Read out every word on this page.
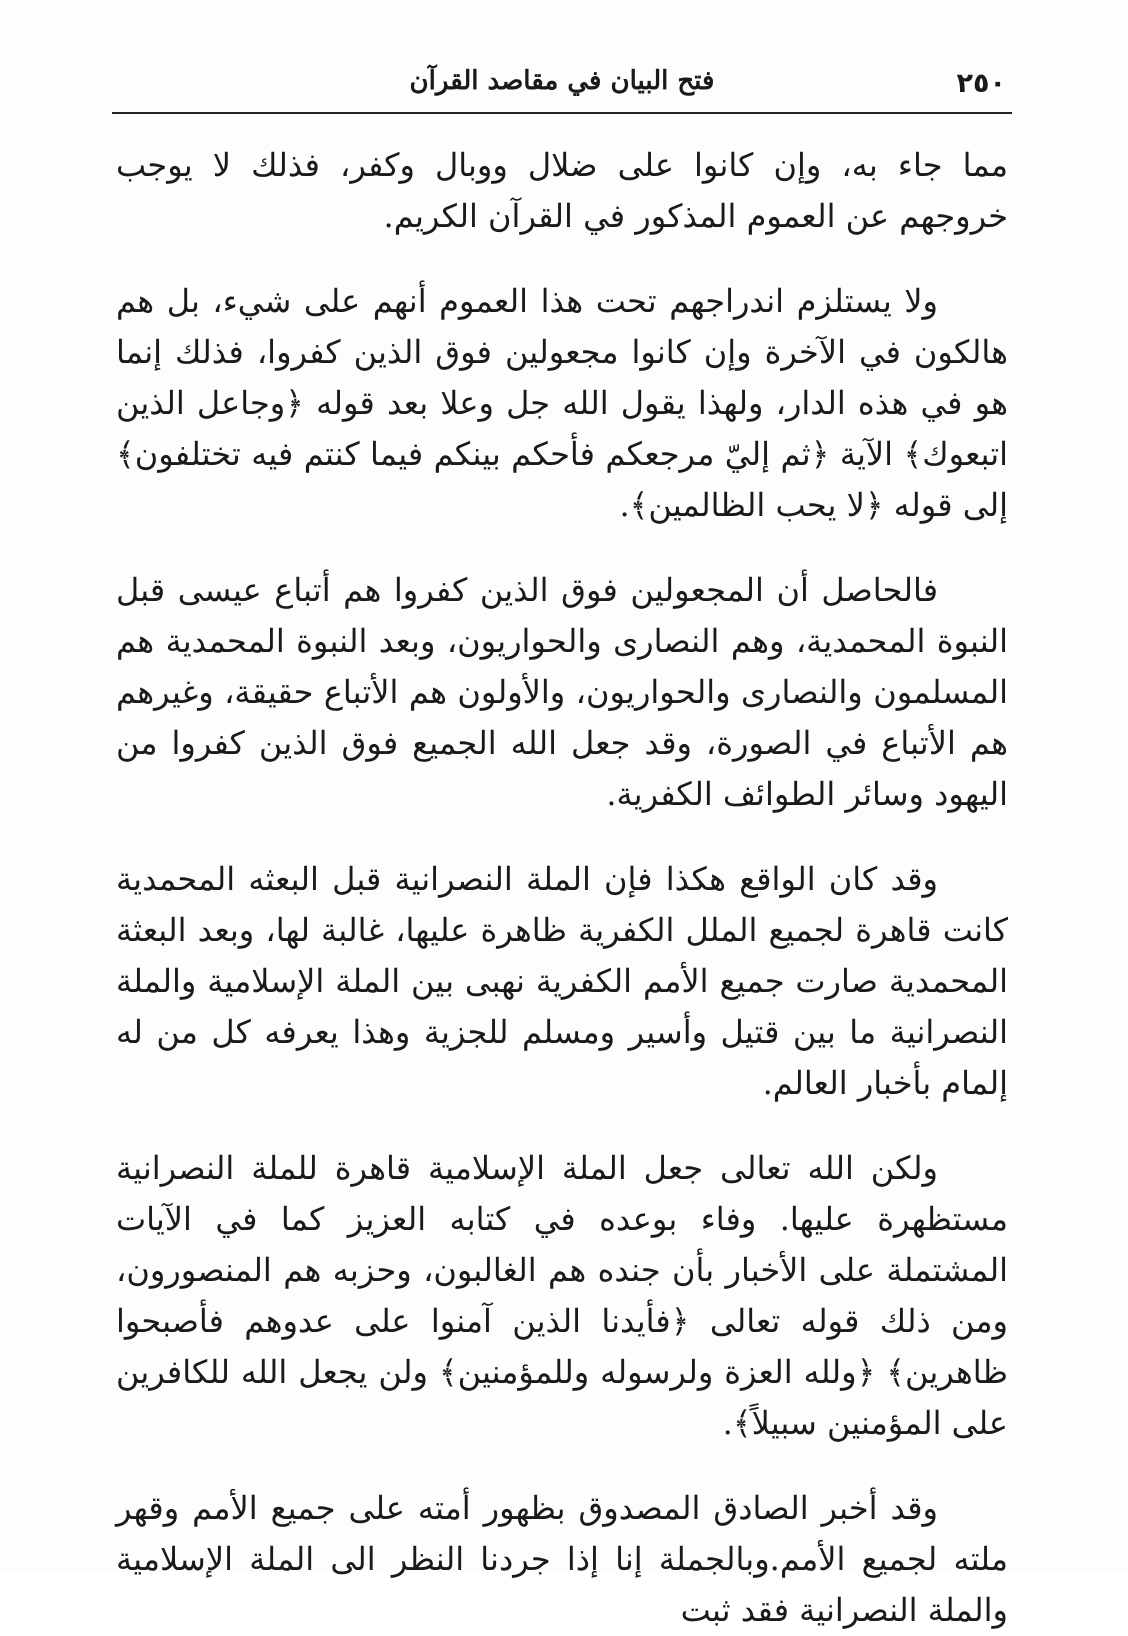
٢٥٠
فتح البيان في مقاصد القرآن

مما جاء به، وإن كانوا على ضلال ووبال وكفر، فذلك لا يوجب خروجهم عن العموم المذكور في القرآن الكريم.

ولا يستلزم اندراجهم تحت هذا العموم أنهم على شيء، بل هم هالكون في الآخرة وإن كانوا مجعولين فوق الذين كفروا، فذلك إنما هو في هذه الدار، ولهذا يقول الله جل وعلا بعد قوله ﴿وجاعل الذين اتبعوك﴾ الآية ﴿ثم إليّ مرجعكم فأحكم بينكم فيما كنتم فيه تختلفون﴾ إلى قوله ﴿لا يحب الظالمين﴾.

فالحاصل أن المجعولين فوق الذين كفروا هم أتباع عيسى قبل النبوة المحمدية، وهم النصارى والحواريون، وبعد النبوة المحمدية هم المسلمون والنصارى والحواريون، والأولون هم الأتباع حقيقة، وغيرهم هم الأتباع في الصورة، وقد جعل الله الجميع فوق الذين كفروا من اليهود وسائر الطوائف الكفرية.

وقد كان الواقع هكذا فإن الملة النصرانية قبل البعثه المحمدية كانت قاهرة لجميع الملل الكفرية ظاهرة عليها، غالبة لها، وبعد البعثة المحمدية صارت جميع الأمم الكفرية نهبى بين الملة الإسلامية والملة النصرانية ما بين قتيل وأسير ومسلم للجزية وهذا يعرفه كل من له إلمام بأخبار العالم.

ولكن الله تعالى جعل الملة الإسلامية قاهرة للملة النصرانية مستظهرة عليها. وفاء بوعده في كتابه العزيز كما في الآيات المشتملة على الأخبار بأن جنده هم الغالبون، وحزبه هم المنصورون، ومن ذلك قوله تعالى ﴿فأيدنا الذين آمنوا على عدوهم فأصبحوا ظاهرين﴾ ﴿ولله العزة ولرسوله وللمؤمنين﴾ ولن يجعل الله للكافرين على المؤمنين سبيلاً﴾.

وقد أخبر الصادق المصدوق بظهور أمته على جميع الأمم وقهر ملته لجميع الأمم.وبالجملة إنا إذا جردنا النظر الى الملة الإسلامية والملة النصرانية فقد ثبت
